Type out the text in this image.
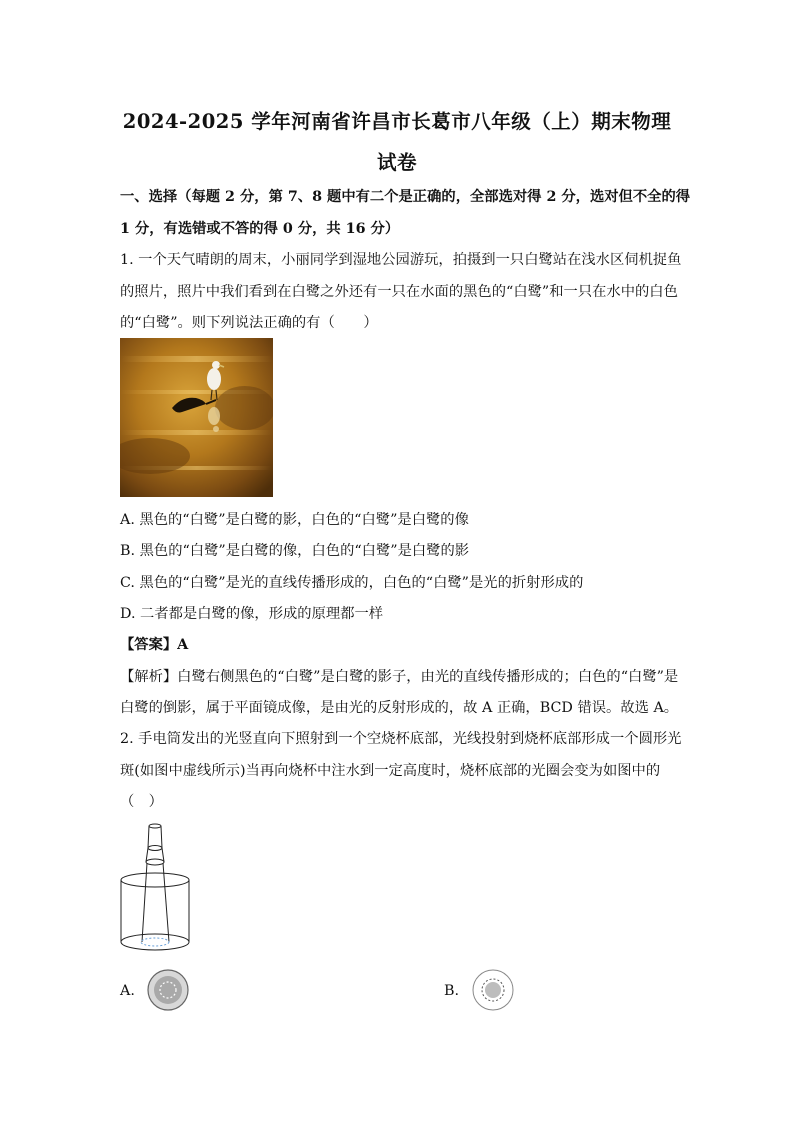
2024-2025 学年河南省许昌市长葛市八年级（上）期末物理
试卷
一、选择（每题 2 分，第 7、8 题中有二个是正确的，全部选对得 2 分，选对但不全的得
1 分，有选错或不答的得 0 分，共 16 分）
1. 一个天气晴朗的周末，小丽同学到湿地公园游玩，拍摄到一只白鹭站在浅水区伺机捉鱼
的照片，照片中我们看到在白鹭之外还有一只在水面的黑色的“白鹭”和一只在水中的白色
的“白鹭”。则下列说法正确的有（　　）
A. 黑色的“白鹭”是白鹭的影，白色的“白鹭”是白鹭的像
B. 黑色的“白鹭”是白鹭的像，白色的“白鹭”是白鹭的影
C. 黑色的“白鹭”是光的直线传播形成的，白色的“白鹭”是光的折射形成的
D. 二者都是白鹭的像，形成的原理都一样
【答案】A
【解析】白鹭右侧黑色的“白鹭”是白鹭的影子，由光的直线传播形成的；白色的“白鹭”是
白鹭的倒影，属于平面镜成像，是由光的反射形成的，故 A 正确，BCD 错误。故选 A。
2. 手电筒发出的光竖直向下照射到一个空烧杯底部，光线投射到烧杯底部形成一个圆形光
斑(如图中虚线所示)当再向烧杯中注水到一定高度时，烧杯底部的光圈会变为如图中的
（　）
A.	B.
